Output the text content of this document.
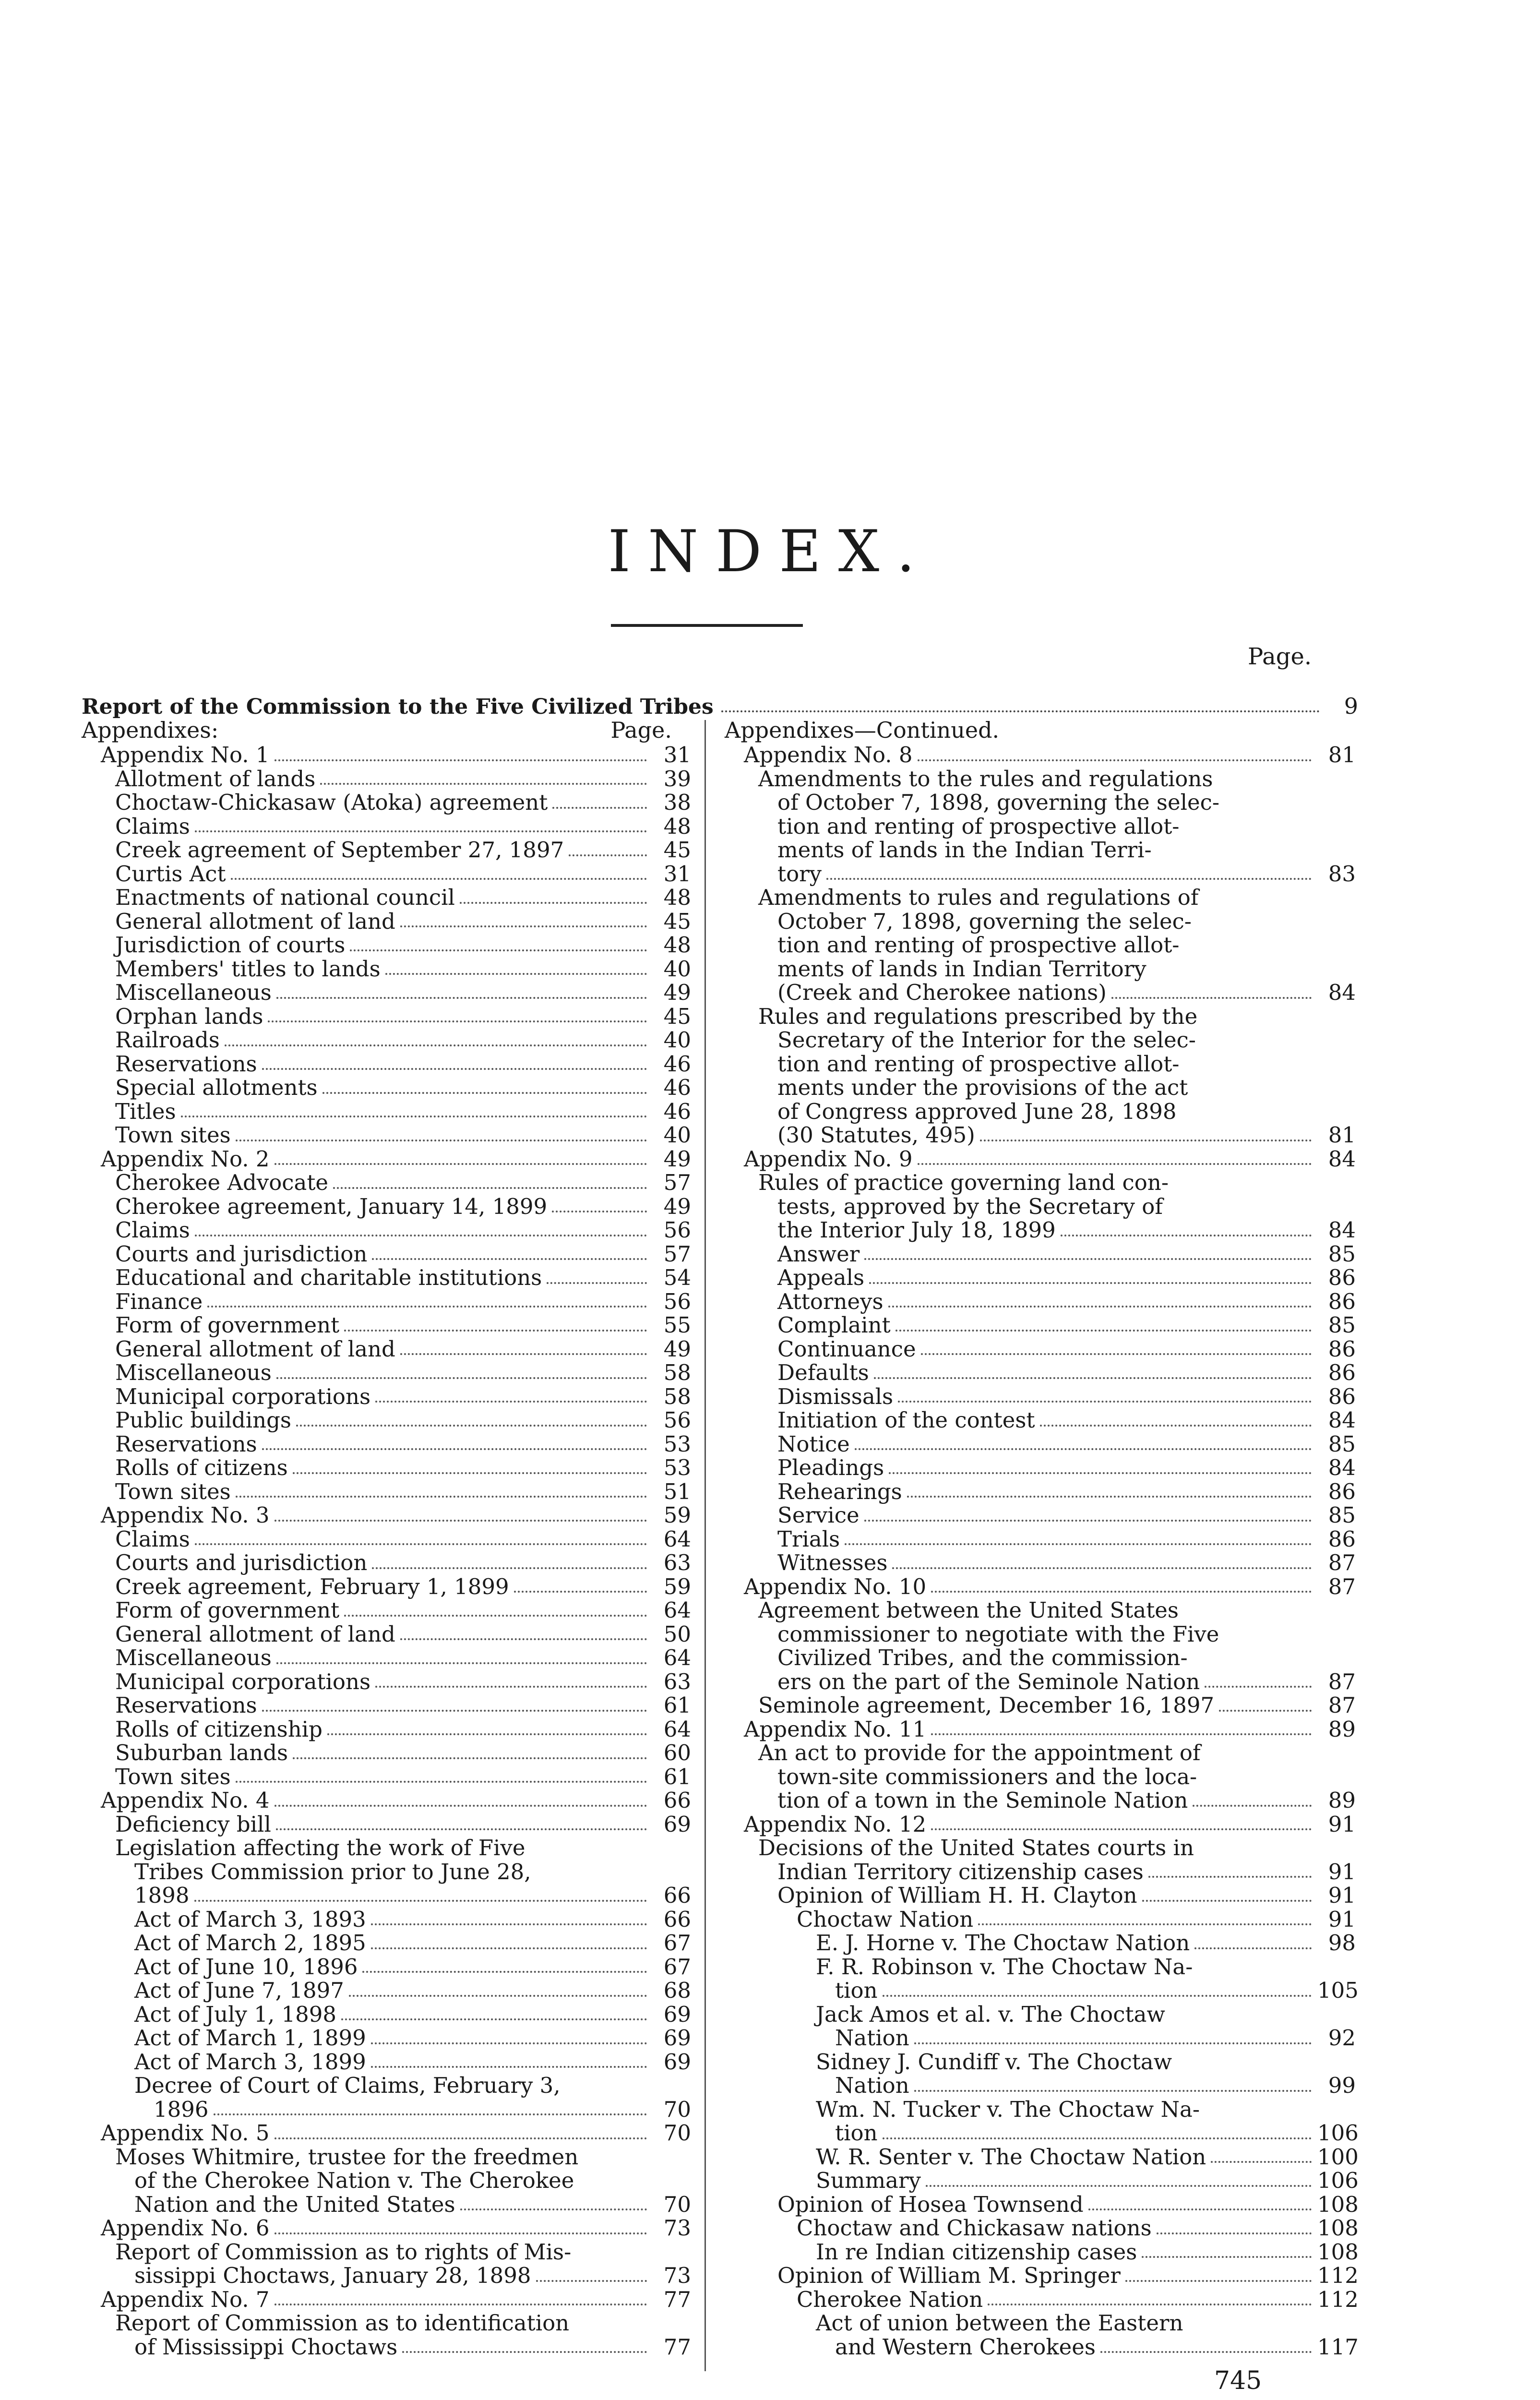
INDEX.
Page.
Report of the Commission to the Five Civilized Tribes	9
Appendixes:	Page.
Appendix No. 1	31
Allotment of lands	39
Choctaw-Chickasaw (Atoka) agreement	38
Claims	48
Creek agreement of September 27, 1897	45
Curtis Act	31
Enactments of national council	48
General allotment of land	45
Jurisdiction of courts	48
Members' titles to lands	40
Miscellaneous	49
Orphan lands	45
Railroads	40
Reservations	46
Special allotments	46
Titles	46
Town sites	40
Appendix No. 2	49
Cherokee Advocate	57
Cherokee agreement, January 14, 1899	49
Claims	56
Courts and jurisdiction	57
Educational and charitable institutions	54
Finance	56
Form of government	55
General allotment of land	49
Miscellaneous	58
Municipal corporations	58
Public buildings	56
Reservations	53
Rolls of citizens	53
Town sites	51
Appendix No. 3	59
Claims	64
Courts and jurisdiction	63
Creek agreement, February 1, 1899	59
Form of government	64
General allotment of land	50
Miscellaneous	64
Municipal corporations	63
Reservations	61
Rolls of citizenship	64
Suburban lands	60
Town sites	61
Appendix No. 4	66
Deficiency bill	69
Legislation affecting the work of Five
Tribes Commission prior to June 28,
1898	66
Act of March 3, 1893	66
Act of March 2, 1895	67
Act of June 10, 1896	67
Act of June 7, 1897	68
Act of July 1, 1898	69
Act of March 1, 1899	69
Act of March 3, 1899	69
Decree of Court of Claims, February 3,
1896	70
Appendix No. 5	70
Moses Whitmire, trustee for the freedmen
of the Cherokee Nation v. The Cherokee
Nation and the United States	70
Appendix No. 6	73
Report of Commission as to rights of Mis-
sissippi Choctaws, January 28, 1898	73
Appendix No. 7	77
Report of Commission as to identification
of Mississippi Choctaws	77
Appendixes—Continued.
Appendix No. 8	81
Amendments to the rules and regulations
of October 7, 1898, governing the selec-
tion and renting of prospective allot-
ments of lands in the Indian Terri-
tory	83
Amendments to rules and regulations of
October 7, 1898, governing the selec-
tion and renting of prospective allot-
ments of lands in Indian Territory
(Creek and Cherokee nations)	84
Rules and regulations prescribed by the
Secretary of the Interior for the selec-
tion and renting of prospective allot-
ments under the provisions of the act
of Congress approved June 28, 1898
(30 Statutes, 495)	81
Appendix No. 9	84
Rules of practice governing land con-
tests, approved by the Secretary of
the Interior July 18, 1899	84
Answer	85
Appeals	86
Attorneys	86
Complaint	85
Continuance	86
Defaults	86
Dismissals	86
Initiation of the contest	84
Notice	85
Pleadings	84
Rehearings	86
Service	85
Trials	86
Witnesses	87
Appendix No. 10	87
Agreement between the United States
commissioner to negotiate with the Five
Civilized Tribes, and the commission-
ers on the part of the Seminole Nation	87
Seminole agreement, December 16, 1897	87
Appendix No. 11	89
An act to provide for the appointment of
town-site commissioners and the loca-
tion of a town in the Seminole Nation	89
Appendix No. 12	91
Decisions of the United States courts in
Indian Territory citizenship cases	91
Opinion of William H. H. Clayton	91
Choctaw Nation	91
E. J. Horne v. The Choctaw Nation	98
F. R. Robinson v. The Choctaw Na-
tion	105
Jack Amos et al. v. The Choctaw
Nation	92
Sidney J. Cundiff v. The Choctaw
Nation	99
Wm. N. Tucker v. The Choctaw Na-
tion	106
W. R. Senter v. The Choctaw Nation	100
Summary	106
Opinion of Hosea Townsend	108
Choctaw and Chickasaw nations	108
In re Indian citizenship cases	108
Opinion of William M. Springer	112
Cherokee Nation	112
Act of union between the Eastern
and Western Cherokees	117
745
